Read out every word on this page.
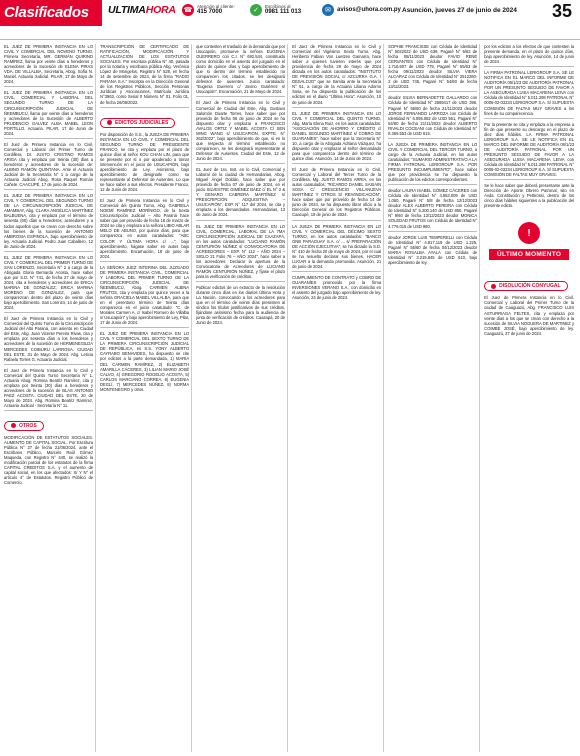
Clasificados	ULTIMAHORA ☎
Atención al cliente:
415 7000	✓
Escribinos al
0981 111 013	✉	avisos@uhora.com.py Asunción, jueves 27 de junio de 2024 35

EL JUEZ DE PRIMERA INSTANCIA EN LO CIVIL Y COMERCIAL DEL NOVENO TURNO, Primera Secretaría, MR. GERMÁN QUIRINO RAMÍREZ, llama por veinte días a herederos y acreedores de la Sucesión de ELENA PIRAS VDA. DE VILLALBA, Secretaría, Abog. Sofía N. Maciel. Actuaria Judicial. PILAR, 17 de Mayo de 2024.

EL JUEZ DE PRIMERA INSTANCIA EN LO CIVIL, COMERCIAL Y LABORAL DEL SEGUNDO TURNO DE LA CIRCUNSCRIPCIÓN JUDICIAL DE ÑEEMBUCÚ, llama por veinte días a herederos y acreedores de la Sucesión de ALBERTO PRUDENCIO GALVEZ ALBA MABEL LEON PORTILLO. Actuaria. PILAR, 17 de Junio de 2024.

El Juez de Primera Instancia en lo Civil, Comercial y Laboral del Primer Turno de Cordillera, Dr. JUSTO CRISTINO RAMOS ARIGA cita y emplaza por treinta (30) días a herederos y acreedores de la sucesión de: ALBINO RAMÓN QUINTANA. Ante el Actuario Judicial de la Secretaría N° 1 a cargo de la Actuaria Judicial Abog. Rosa Raquel Román Cañete. CAACUPÉ, 17 de junio de 2024.

EL JUEZ DE PRIMERA INSTANCIA EN LO CIVIL Y COMERCIAL DEL SEGUNDO TURNO DE LA CIRCUNSCRIPCIÓN JUDICIAL DE AMAMBAY, Abg. CLARA ANGÉLICA MARTÍNEZ BALBUENA, cita y emplaza por el término de sesenta (60) días a herederos, acreedores y a todos aquellos que se crean con derecho sobre los bienes de la sucesión de ANTONIO AMBROSIA ESPINOLA, bajo apercibimiento de ley. Actuaria Judicial. Pedro Juan Caballero, 12 de Junio de 2024.

EL JUEZ DE PRIMERA INSTANCIA EN LO CIVIL Y COMERCIAL DEL PRIMER TURNO DE SAN LORENZO, Secretaría N° 2 a cargo de la Abogada Gloria Bernarda Acosta, hace saber que por S.D. N° 741, de fecha 27 de mayo de 2024, cita a herederos y acreedores de ERICA MARINA DE GONZÁLEZ, ERICA MARINA MORENO DE GONZÁLEZ, para que comparezcan dentro del plazo de veinte días bajo apercibimiento. San Lorenzo, 14 de junio de 2024.

El Juez de Primera Instancia en lo Civil y Comercial del Quinto Turno de la Circunscripción Judicial del Alto Paraná, con asiento en Ciudad del Este, Abg. Juan Vicente Pereira Rivas, cita y emplaza por sesenta días a los herederos y acreedores de la sucesión de HERMENEGILDA MERCEDES COIBURU LARROSA. CIUDAD DEL ESTE, 31 de Mayo de 2024. Abg. Leticia Rafaela Torres G. Actuaria Judicial.

El Juez de Primera Instancia en lo Civil y Comercial del Quinto Turno Secretaría N° 1, Actuaria Abog. Romina Beatriz Ramírez, cita y emplaza por treinta (30) días a herederos y acreedores de la sucesión de BLAS ANTONIO PAEZ ACOSTA. CIUDAD DEL ESTE, 20 de Mayo de 2024. Abg. Romina Beatriz Ramírez, Actuaria Judicial - Secretaría N° 11.

OTROS

MODIFICACIÓN DE ESTATUTOS SOCIALES. AUMENTO DE CAPITAL SOCIAL. Por Escritura Pública N° 27 de fecha 21/06/2024, ante el Escribano Público, Marcelo Raúl Gómez Maqueda, con Registro N° 440, se realizó la modificación parcial de los estatutos de la firma CAPITAL CREDITOS S.A. y el aumento de capital social, en los que afectados: S/ Y N° el artículo 4° de Estatutos. Registro Público de Comercio.

TRANSCRIPCIÓN DE CERTIFICADO DE RATIFICACIÓN, MODIFICACIÓN Y ACTUALIZACIÓN DE LOS ESTATUTOS SOCIALES. Por escritura pública N° 40, pasada por la notaría y escribana pública Abg. Verónica López de Mongelos, Registro N° 528, en fecha 14 de setiembre de 2024, de la firma "RADIO PARANA S.A." Inscripta en la Dirección General de los Registros Públicos, Sección Personas Jurídicas y Asociaciones, Matrícula Jurídica N°3963, como Serial 0 Número N° 01, Folio 01, de fecha 26/06/2022.

EDICTOS JUDICIALES

Por disposición de S.S., la JUEZA DE PRIMERA INSTANCIA EN LO CIVIL Y COMERCIAL DEL SEGUNDO TURNO DE PRESIDENTE FRANCO, se cita y emplaza por el plazo de quince días al señor KOU CHAN LIN, para que se presente por sí o por apoderado a tomar intervención en el juicio de USUCAPIÓN, bajo apercibimiento de Ley. Asimismo, bajo apercibimiento de designarle como su representante al Defensor de Ausentes. Lo que se hace saber a sus efectos. Presidente Franco, 12 de Junio de 2024.

El Juez de Primera Instancia en lo Civil y Comercial del Quinto Turno, Abg. GABRIELA NOEMÍ RAMÍREZ MORÍNIGO, de la Sexta Circunscripción Judicial – Alto Paraná hace saber que por proveído de fecha 18 de marzo de 2024 se cita y emplaza a la señora LIBIO ABLAR MELO DE ABUNO, por quince días, para que comparezca en autos caratulados: "ABC COLOR Y ÚLTIMA HORA c/ ...", bajo apercibimiento, hágase saber en autos bajo apercibimiento. Encarnación, 18 de junio de 2024.

LA SEÑORA JUEZ INTERINA DEL JUZGADO DE PRIMERA INSTANCIA CIVIL, COMERCIAL Y LABORAL DEL PRIMER TURNO DE LA CIRCUNSCRIPCIÓN JUDICIAL DE ÑEEMBUCÚ, Abog. CARMEN ALBINA FRUTOS, cita y emplaza por quince veces a la señora GRACIELA MABEL VILLALBA, para que en el perentorio término de treinta días comparezca en el juicio caratulado: "C. de Morales Carmen A. c/ Isabel Romero de Villalba s/ Usucapión" y bajo apercibimiento de Ley, Pilar, 17 de Junio de 2024.

EL JUEZ DE PRIMERA INSTANCIA EN LO CIVIL Y COMERCIAL DEL SEXTO TURNO DE LA PRIMERA CIRCUNSCRIPCIÓN JUDICIAL DE REPÚBLICA, es S.S. YONY ALBERTO CAYRABO BENAVIDES, ha dispuesto se cite por edictos a la parte demandada, 1) MARÍA DEL CARMEN RAMÍREZ, 2) ELIZABETH AMARILLA CÁCERES, 3) LILIAN MARIO JOSÉ CALVO, 4) GREGORIO ROGELIO ACOSTA, 5) CARLOS MARCIANO CORREA, 6) EUGENIA DEGLÍ, 7) MERCEDES NÚÑEZ, 8) NORMA MONTENEGRO y otros.

que contesten el traslado de la demanda que por Usucapión, promueve la señora EUGENIA GUERRERO con C.I. N° 692.544, constituido como domicilio en el asiento del juzgado en el plazo de quince días y bajo apercibimiento de que si dentro del término establecido no comparecen los citados, se les designará defensor de ausentes. Juicio caratulado: "Eugenia Guerrero c/ Jovino Gutiérrez s/ Usucapión". Encarnación, 21 de Mayo de 2024.

El Juez de Primera Instancia en lo Civil y Comercial de Ciudad del Este, Abg. Gustavo Salomón Duarte Torres, hace saber que por proveído de fecha 06 de junio de 2024 se ha dispuesto citar y emplazar a FRANCISCO AVALOS ORTIZ Y MABEL ACOSTA C/ SEN MING WANG s/ USUCAPIÓN, EXPTE. N° 262/2022", bajo apercibimiento de que, si en lo que respecta al término establecido no comparecen, se les designará representante al Defensor de Ausentes. Ciudad del Este, 12 de Junio de 2024.

EL Juez de 1ra. Inst. en lo Civil, Comercial y Laboral de la ciudad de Hernandarias, Abog. Miguel Ángel Doldán, hace saber que por proveído de fecha 07 de junio de 2024, en el juicio SILVESTRE GIMÉNEZ BÁEZ c/ EL N° 2 & Y GENARO CABRERA MARTÍNEZ s/ PRESCRIPCIÓN ADQUISITIVA – USUCAPIÓN", EXP. N° 117 del 2024, se cita y emplaza a los demandados. Hernandarias, 13 de Junio de 2024.

EL JUEZ DE PRIMERA INSTANCIA EN LO CIVIL, COMERCIAL, LABORAL DE LA 7MA CIRCUNSCRIPCIÓN JUDICIAL DE CAAZAPÁ, en los autos caratulados: "LUCIANO RAMÓN CENTURIÓN NÚÑEZ s/ CONVOCATORIA DE ACREEDORES – EXP. N° 112 – AÑO 2024 – SIGLO 21 Folio 76 – AÑO 2024", hace saber a los acreedores: Declarar la apertura de la Convocatoria de Acreedores de LUCIANO RAMÓN CENTURIÓN NÚÑEZ, y fíjase el plazo para la verificación de créditos.

Publicar edictos de un extracto de la resolución durante cinco días en los diarios Última Hora y La Nación, convocando a los acreedores para que en el término de veinte días presenten al síndico los títulos justificativos de sus créditos, fijándose asimismo fecha para la audiencia de junta de verificación de créditos. Caazapá, 20 de Junio de 2024.

El Juez de Primera Instancia en lo Civil y Comercial del Vigésimo Sexto Turno, Abg. Heriberto Fabian Von Luetzen Gamarra, hace saber a quienes tuvieren interés que por providencia de fecha 26 de mayo de 2024 dictada en los autos caratulados: "INSTITUTO DE PREVISIÓN SOCIAL c/ AZCURRA G.A. / DESALOJO" que se tramita ante la Secretaría N° 51, a cargo de la Actuaria Liliana Adorno Sosa, se ha dispuesto la publicación de los edictos en el diario "Última Hora". Asunción, 10 de junio de 2024.

EL JUEZ DE PRIMERA INSTANCIA EN LO CIVIL Y COMERCIAL DEL QUINTO TURNO, Abg. María Elena Ruiz, en los autos caratulados: "ASOCIACIÓN DE AHORRO Y CRÉDITO c/ DANIEL SEGUNDO MARTÍNEZ s/ COBRO DE GUARANÍES", hace saber que la Secretaría N° 10, a cargo de la Abogada Adriana Vázquez, ha dispuesto citar y emplazar al señor demandado para que comparezca dentro del término de quince días. Asunción, 14 de Junio de 2024.

El Juez de Primera Instancia en lo Civil, Comercial y Laboral del Tercer Turno de la Cordillera, Mg. JUSTO RAMOS ARRIA, en los autos caratulados: "RICARDO DANIEL SASIAIN SOSA C/ CRESCENCIO VILLANUEVA MARTÍNEZ Y OTROS S/ REIVINDICACIÓN", hace saber que por proveído de fecha 14 de junio de 2024, se ha dispuesto librar oficio a la Dirección General de los Registros Públicos. Caacupé, 19 de junio de 2024.

LA JUEZA DE PRIMERA INSTANCIA EN LO CIVIL Y COMERCIAL DEL DÉCIMO SEXTO TURNO, en los autos caratulados: "BANCO GNB PARAGUAY S.A. c/ ... s/ PREPARACIÓN DE ACCIÓN EJECUTIVA", se ha dictado la S.D. N° 410 de fecha 20 de mayo de 2024, por el cual se ha resuelto declarar sus bienes, HACER LUGAR a la demanda promovida. Asunción, 21 de junio de 2024.

CUMPLIMIENTO DE CONTRATO y COBRO DE GUARANÍES promovido por la firma INVERSIONES VERANO S.A., con domicilio en el asiento del juzgado bajo apercibimiento de ley. Asunción, 24 de junio de 2024.

SOPHIE FRANCISSE con Cédula de Identidad N° 5022022 de USD 639, Pagaré N° 5/62 de fecha 08/11/2023 deudor FAVIO RENÉ CERVANTES con Cédula de Identidad N° 1.716.607 de USD 779, Pagaré N° 55/63 de fecha 09/11/2023 deudor SILVIA VIERA ALCARAZ con Cédula de Identidad N° 2512260-2 de USD 745, Pagaré N° 54/60 de fecha 13/11/2023.

deudor SILVIA BERNADETTE GALLARDO con Cédula de Identidad N° 2569417 de USD 396, Pagaré N° 55/60 de fecha 21/11/2023 deudor JORGE FERNANDO LARROZA con Cédula de Identidad N° 6.095.082 de USD 561, Pagaré N° 54/60 de fecha 21/11/2023 deudor ALBERTO RIVALDI COCEANI con Cédula de Identidad N° 8.369.553 de USD 615.

LA JUEZA DE PRIMERA INSTANCIA EN LO CIVIL Y COMERCIAL DEL TERCER TURNO, a cargo de la Actuaria Judicial, en los autos caratulados: "SUMARIO ADMINISTRATIVO A LA FIRMA FATRONAL LERIGROUP S.A. POR PRESUNTO INCUMPLIMIENTO", hace saber que por providencia se ha dispuesto la publicación de los edictos correspondientes.

deudor LAURA ISABEL GÓMEZ CÁCERES con Cédula de Identidad N° 4.853.009 de USD 1.060, Pagaré N° 5/8 de fecha 12/12/2023 deudor ALEX ALBERTO PEREIRA con Cédula de Identidad N° 5.200.140 de USD 850, Pagaré N° 9/60 de fecha 13/12/2023 deudor MONICA SOLEDAD FRUTOS con Cédula de Identidad N° 4.776.015 de USD 980.

deudor JORGE LUIS TEMPERELLI con Cédula de Identidad N° 4.917.119 de USD 1.225, Pagaré N° 55/60 de fecha 04/12/2023 deudor MARIA ROSALBA AYALA con Cédula de Identidad N° 3.219.845 de USD 610, bajo apercibimiento de ley.

por los edictos a los efectos de que contesten la presente demanda, en el plazo de quince días, bajo apercibimiento de ley. Asunción, 14 de junio de 2024.

LA FIRMA PATRONAL LERIGROUP S.A. SE LE NOTIFICA EN EL MARCO DEL INFORME DE AUDITORÍA 06/1/23 DE AUDITORÍA PATRONAL POR UN PRESUNTO SEGUIDO DE FAVOR A LA ASEGURADA LUISA MACARENA LEIVA con Cédula de Identidad N° 5.011.298 PATRONAL N° 0006-02-03234 LERIGROUP S.A. S/ SUPUESTA COMISIÓN DE FALTAS MUY GRAVES a los fines de su comparecencia.

Por la presente se cita y emplaza a la empresa a fin de que presente su descargo en el plazo de diez días hábiles. LA FIRMA PATRONAL LERIGROUP S.A. SE LE NOTIFICA EN EL MARCO DEL INFORME DE AUDITORÍA 06/1/23 DE AUDITORÍA PATRONAL POR UN PRESUNTO SEGUIDO DE FAVOR A LA ASEGURADA LUISA MACARENA LEIVA con Cédula de Identidad N° 5.011.298 PATRONAL N° 0006-02-03234 LERIGROUP S.A. S/ SUPUESTA COMISIÓN DE FALTAS MUY GRAVES.

Se le hace saber que deberá presentarse ante la Dirección de Aporte Obrero Patronal, sito en Avda. Constitución y Pettirossi, dentro de los cinco días hábiles siguientes a la publicación del presente edicto.

!
ÚLTIMO MOMENTO
DISOLUCIÓN CONYUGAL

El Juez de Primera Instancia en lo Civil, Comercial y Laboral del Primer Turno de la ciudad de Caaguazú, Abg. FRANCISCO LUIS ASTURRIAGA FELTES, cita y emplaza por veinte días a los que se crean con derecho a la sucesión de SILVIA NOGUERA DE MARTINEZ y COIMBE JOSÉ, bajo apercibimiento de ley. Caaguazú, 27 de junio de 2024.
